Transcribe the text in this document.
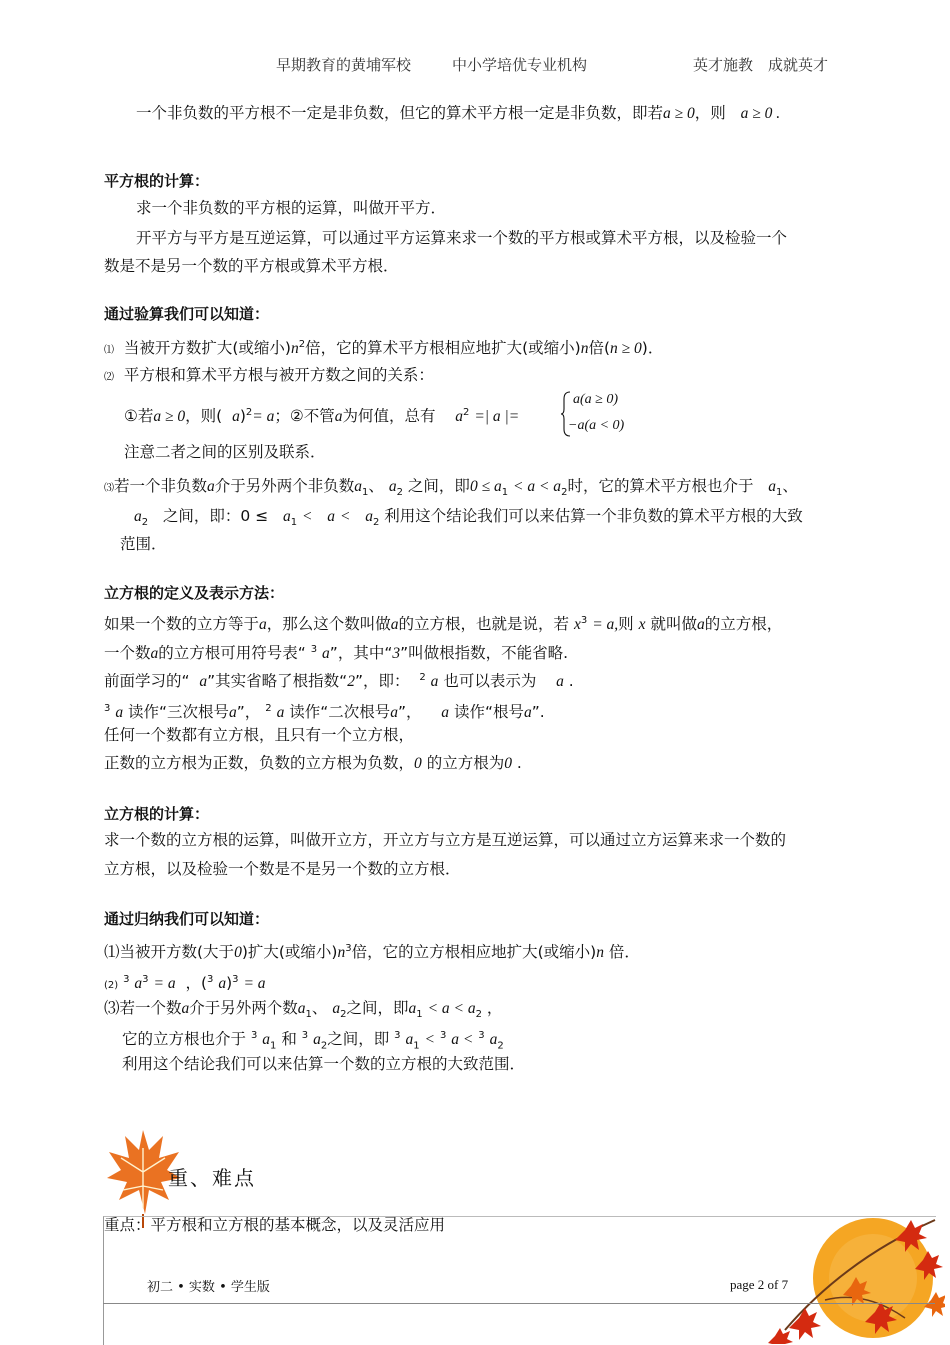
早期教育的黄埔军校	中小学培优专业机构	英才施教　成就英才
一个非负数的平方根不一定是非负数，但它的算术平方根一定是非负数，即若a ≥ 0，则 a ≥ 0 .
平方根的计算：
求一个非负数的平方根的运算，叫做开平方．
开平方与平方是互逆运算，可以通过平方运算来求一个数的平方根或算术平方根，以及检验一个
数是不是另一个数的平方根或算术平方根．
通过验算我们可以知道：
⑴ 当被开方数扩大(或缩小)$n^2$倍，它的算术平方根相应地扩大(或缩小)n倍(n ≥ 0)．
⑵ 平方根和算术平方根与被开方数之间的关系：
①若a ≥ 0，则( a)$^2$= a；②不管a为何值，总有 $a^2$ =| a |=
a(a ≥ 0)
−a(a < 0)
注意二者之间的区别及联系．
⑶若一个非负数a介于另外两个非负数$a_1$、 $a_2$ 之间，即$0 \le a_1 < a < a_2$时，它的算术平方根也介于 $a_1$、
$a_2$ 之间，即：$0 \le a_1 < a < a_2$ 利用这个结论我们可以来估算一个非负数的算术平方根的大致
范围．
立方根的定义及表示方法：
如果一个数的立方等于a，那么这个数叫做a的立方根，也就是说，若 $x^3 = a$,则 x 就叫做a的立方根，
一个数a的立方根可用符号表“ $^3$ a”，其中“3”叫做根指数，不能省略.
前面学习的“ a”其实省略了根指数“2”，即： $^2$ a 也可以表示为 a .
$^3$ a 读作“三次根号a”， $^2$ a 读作“二次根号a”， a 读作“根号a”.
任何一个数都有立方根，且只有一个立方根，
正数的立方根为正数，负数的立方根为负数，0 的立方根为0 .
立方根的计算：
求一个数的立方根的运算，叫做开立方，开立方与立方是互逆运算，可以通过立方运算来求一个数的
立方根，以及检验一个数是不是另一个数的立方根．
通过归纳我们可以知道：
⑴当被开方数(大于0)扩大(或缩小)$n^3$倍，它的立方根相应地扩大(或缩小)n 倍．
(2) $^3$ $a^3 = a$ ，($^3$ a)$^3$ = a
⑶若一个数a介于另外两个数$a_1$、 $a_2$之间，即$a_1 < a < a_2$ ，
它的立方根也介于 $^3$ $a_1$ 和 $^3$ $a_2$之间，即 $^3$ $a_1 < ^3$ a < $^3$ $a_2$
利用这个结论我们可以来估算一个数的立方根的大致范围．
重、难点
重点：平方根和立方根的基本概念，以及灵活应用
初二 • 实数 • 学生版	page 2 of 7
